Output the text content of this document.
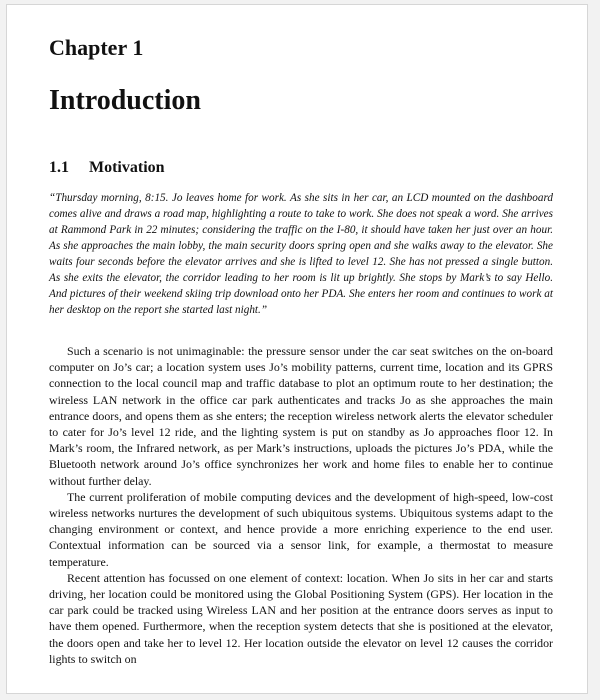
Chapter 1
Introduction
1.1 Motivation

“Thursday morning, 8:15. Jo leaves home for work. As she sits in her car, an LCD mounted on the dashboard comes alive and draws a road map, highlighting a route to take to work. She does not speak a word. She arrives at Rammond Park in 22 minutes; considering the traffic on the I-80, it should have taken her just over an hour. As she approaches the main lobby, the main security doors spring open and she walks away to the elevator. She waits four seconds before the elevator arrives and she is lifted to level 12. She has not pressed a single button. As she exits the elevator, the corridor leading to her room is lit up brightly. She stops by Mark’s to say Hello. And pictures of their weekend skiing trip download onto her PDA. She enters her room and continues to work at her desktop on the report she started last night.”

Such a scenario is not unimaginable: the pressure sensor under the car seat switches on the on-board computer on Jo’s car; a location system uses Jo’s mobility patterns, current time, location and its GPRS connection to the local council map and traffic database to plot an optimum route to her destination; the wireless LAN network in the office car park authenticates and tracks Jo as she approaches the main entrance doors, and opens them as she enters; the reception wireless network alerts the elevator scheduler to cater for Jo’s level 12 ride, and the lighting system is put on standby as Jo approaches floor 12. In Mark’s room, the Infrared network, as per Mark’s instructions, uploads the pictures Jo’s PDA, while the Bluetooth network around Jo’s office synchronizes her work and home files to enable her to continue without further delay.

The current proliferation of mobile computing devices and the development of high-speed, low-cost wireless networks nurtures the development of such ubiquitous systems. Ubiquitous systems adapt to the changing environment or context, and hence provide a more enriching experience to the end user. Contextual information can be sourced via a sensor link, for example, a thermostat to measure temperature.

Recent attention has focussed on one element of context: location. When Jo sits in her car and starts driving, her location could be monitored using the Global Positioning System (GPS). Her location in the car park could be tracked using Wireless LAN and her position at the entrance doors serves as input to have them opened. Furthermore, when the reception system detects that she is positioned at the elevator, the doors open and take her to level 12. Her location outside the elevator on level 12 causes the corridor lights to switch on
